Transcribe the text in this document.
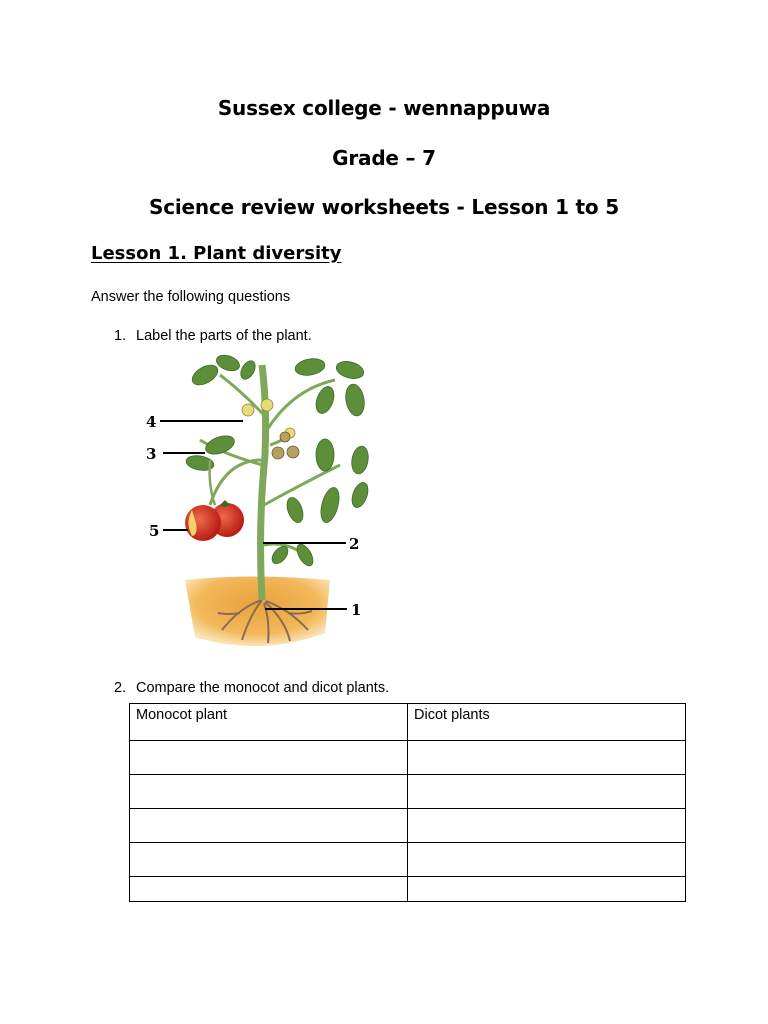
Sussex college - wennappuwa
Grade – 7
Science review worksheets - Lesson 1 to 5
Lesson 1. Plant diversity
Answer the following questions
1. Label the parts of the plant.
4
3
5
2
1
2. Compare the monocot and dicot plants.
Monocot plant	Dicot plants
